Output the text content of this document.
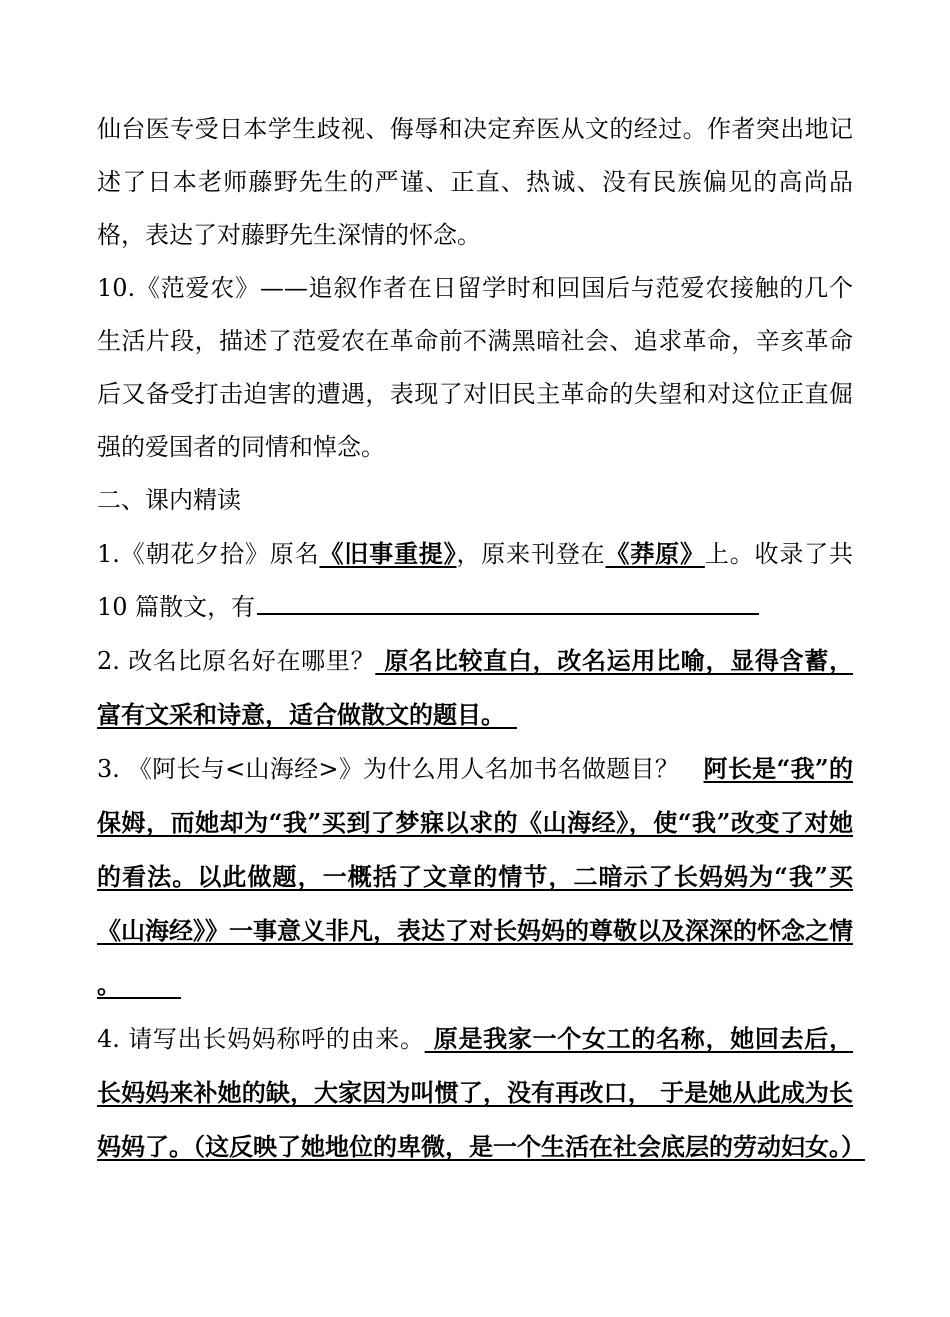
仙台医专受日本学生歧视、侮辱和决定弃医从文的经过。作者突出地记述了日本老师藤野先生的严谨、正直、热诚、没有民族偏见的高尚品格，表达了对藤野先生深情的怀念。

10.《范爱农》——追叙作者在日留学时和回国后与范爱农接触的几个生活片段，描述了范爱农在革命前不满黑暗社会、追求革命，辛亥革命后又备受打击迫害的遭遇，表现了对旧民主革命的失望和对这位正直倔强的爱国者的同情和悼念。

二、课内精读

1.《朝花夕拾》原名《旧事重提》，原来刊登在《莽原》上。收录了共 10 篇散文，有

2. 改名比原名好在哪里？ 原名比较直白，改名运用比喻，显得含蓄，富有文采和诗意，适合做散文的题目。　

3. 《阿长与<山海经>》为什么用人名加书名做题目？　阿长是“我”的保姆，而她却为“我”买到了梦寐以求的《山海经》，使“我”改变了对她的看法。以此做题，一概括了文章的情节，二暗示了长妈妈为“我”买《山海经》》一事意义非凡，表达了对长妈妈的尊敬以及深深的怀念之情 。　　　

4. 请写出长妈妈称呼的由来。 原是我家一个女工的名称，她回去后，长妈妈来补她的缺，大家因为叫惯了，没有再改口， 于是她从此成为长妈妈了。（这反映了她地位的卑微，是一个生活在社会底层的劳动妇女。）
